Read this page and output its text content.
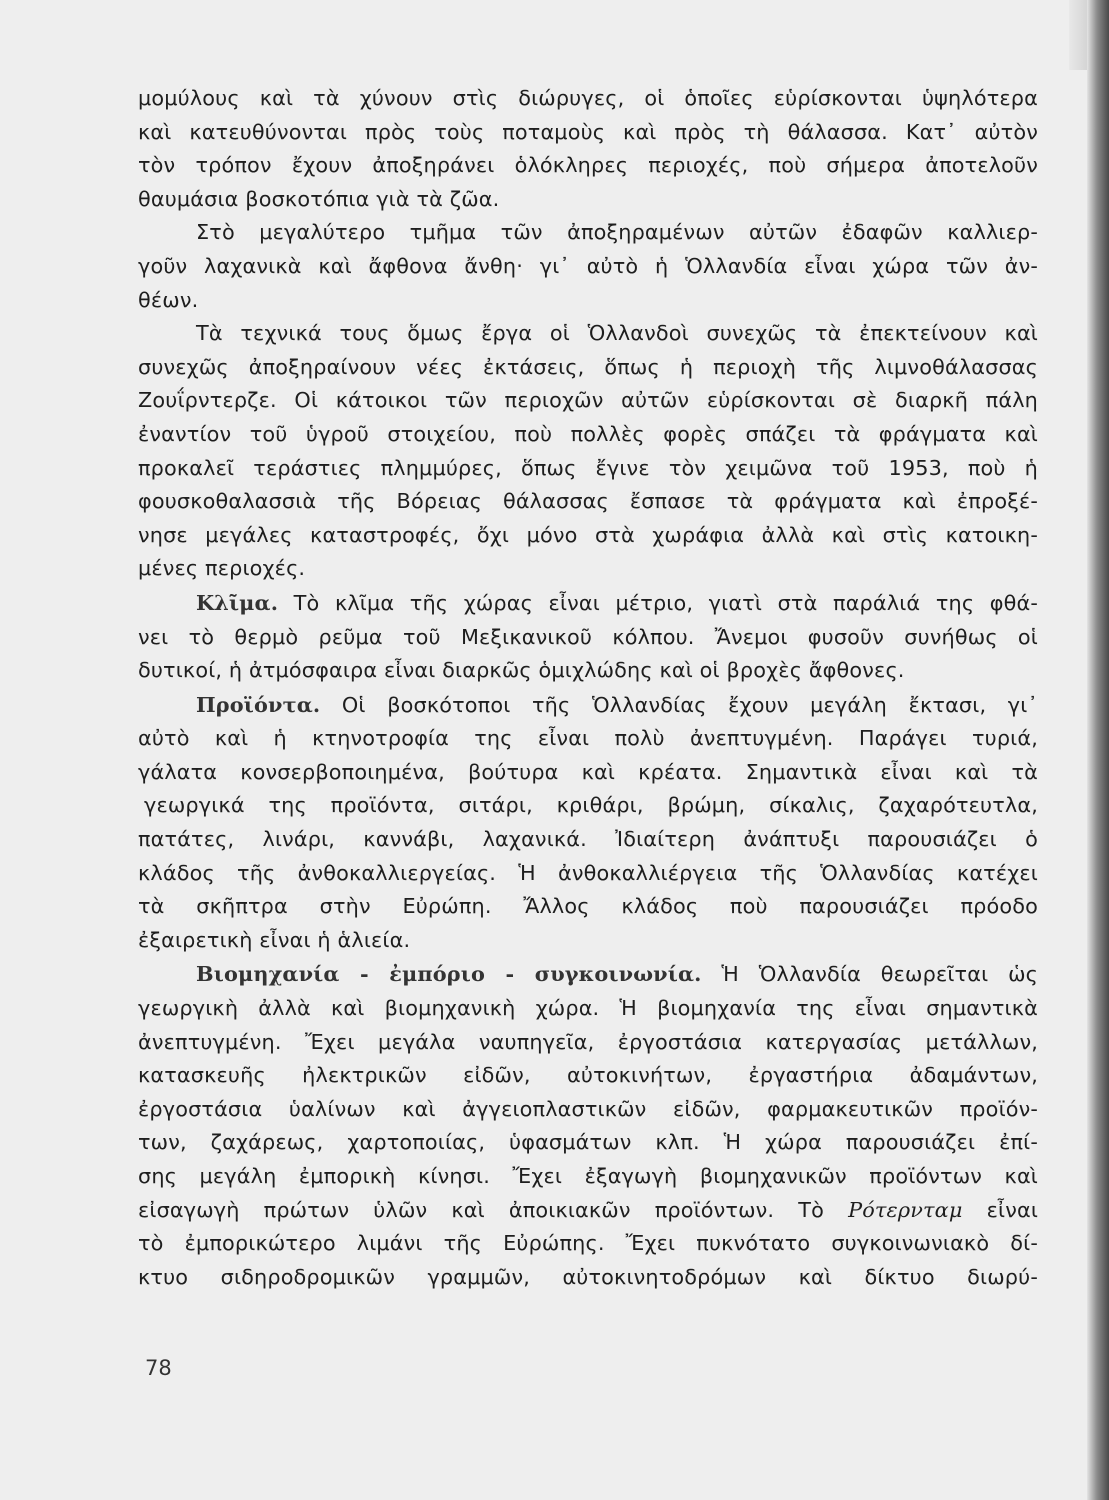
μομύλους καὶ τὰ χύνουν στὶς διώρυγες, οἱ ὁποῖες εὑρίσκονται ὑψηλότερα
καὶ κατευθύνονται πρὸς τοὺς ποταμοὺς καὶ πρὸς τὴ θάλασσα. Κατ᾽ αὐτὸν
τὸν τρόπον ἔχουν ἀποξηράνει ὁλόκληρες περιοχές, ποὺ σήμερα ἀποτελοῦν
θαυμάσια βοσκοτόπια γιὰ τὰ ζῶα.
Στὸ μεγαλύτερο τμῆμα τῶν ἀποξηραμένων αὐτῶν ἐδαφῶν καλλιερ-
γοῦν λαχανικὰ καὶ ἄφθονα ἄνθη· γι᾽ αὐτὸ ἡ Ὁλλανδία εἶναι χώρα τῶν ἀν-
θέων.
Τὰ τεχνικά τους ὅμως ἔργα οἱ Ὁλλανδοὶ συνεχῶς τὰ ἐπεκτείνουν καὶ
συνεχῶς ἀποξηραίνουν νέες ἐκτάσεις, ὅπως ἡ περιοχὴ τῆς λιμνοθάλασσας
Ζουΐρντερζε. Οἱ κάτοικοι τῶν περιοχῶν αὐτῶν εὑρίσκονται σὲ διαρκῆ πάλη
ἐναντίον τοῦ ὑγροῦ στοιχείου, ποὺ πολλὲς φορὲς σπάζει τὰ φράγματα καὶ
προκαλεῖ τεράστιες πλημμύρες, ὅπως ἔγινε τὸν χειμῶνα τοῦ 1953, ποὺ ἡ
φουσκοθαλασσιὰ τῆς Βόρειας θάλασσας ἔσπασε τὰ φράγματα καὶ ἐπροξέ-
νησε μεγάλες καταστροφές, ὄχι μόνο στὰ χωράφια ἀλλὰ καὶ στὶς κατοικη-
μένες περιοχές.
Κλῖμα. Τὸ κλῖμα τῆς χώρας εἶναι μέτριο, γιατὶ στὰ παράλιά της φθά-
νει τὸ θερμὸ ρεῦμα τοῦ Μεξικανικοῦ κόλπου. Ἄνεμοι φυσοῦν συνήθως οἱ
δυτικοί, ἡ ἀτμόσφαιρα εἶναι διαρκῶς ὁμιχλώδης καὶ οἱ βροχὲς ἄφθονες.
Προϊόντα. Οἱ βοσκότοποι τῆς Ὁλλανδίας ἔχουν μεγάλη ἔκτασι, γι᾽
αὐτὸ καὶ ἡ κτηνοτροφία της εἶναι πολὺ ἀνεπτυγμένη. Παράγει τυριά,
γάλατα κονσερβοποιημένα, βούτυρα καὶ κρέατα. Σημαντικὰ εἶναι καὶ τὰ
γεωργικά της προϊόντα, σιτάρι, κριθάρι, βρώμη, σίκαλις, ζαχαρότευτλα,
πατάτες, λινάρι, καννάβι, λαχανικά. Ἰδιαίτερη ἀνάπτυξι παρουσιάζει ὁ
κλάδος τῆς ἀνθοκαλλιεργείας. Ἡ ἀνθοκαλλιέργεια τῆς Ὁλλανδίας κατέχει
τὰ σκῆπτρα στὴν Εὐρώπη. Ἄλλος κλάδος ποὺ παρουσιάζει πρόοδο
ἐξαιρετικὴ εἶναι ἡ ἁλιεία.
Βιομηχανία - ἐμπόριο - συγκοινωνία. Ἡ Ὁλλανδία θεωρεῖται ὡς
γεωργικὴ ἀλλὰ καὶ βιομηχανικὴ χώρα. Ἡ βιομηχανία της εἶναι σημαντικὰ
ἀνεπτυγμένη. Ἔχει μεγάλα ναυπηγεῖα, ἐργοστάσια κατεργασίας μετάλλων,
κατασκευῆς ἠλεκτρικῶν εἰδῶν, αὐτοκινήτων, ἐργαστήρια ἀδαμάντων,
ἐργοστάσια ὑαλίνων καὶ ἀγγειοπλαστικῶν εἰδῶν, φαρμακευτικῶν προϊόν-
των, ζαχάρεως, χαρτοποιίας, ὑφασμάτων κλπ. Ἡ χώρα παρουσιάζει ἐπί-
σης μεγάλη ἐμπορικὴ κίνησι. Ἔχει ἐξαγωγὴ βιομηχανικῶν προϊόντων καὶ
εἰσαγωγὴ πρώτων ὑλῶν καὶ ἀποικιακῶν προϊόντων. Τὸ Ρότερνταμ εἶναι
τὸ ἐμπορικώτερο λιμάνι τῆς Εὐρώπης. Ἔχει πυκνότατο συγκοινωνιακὸ δί-
κτυο σιδηροδρομικῶν γραμμῶν, αὐτοκινητοδρόμων καὶ δίκτυο διωρύ-
78
